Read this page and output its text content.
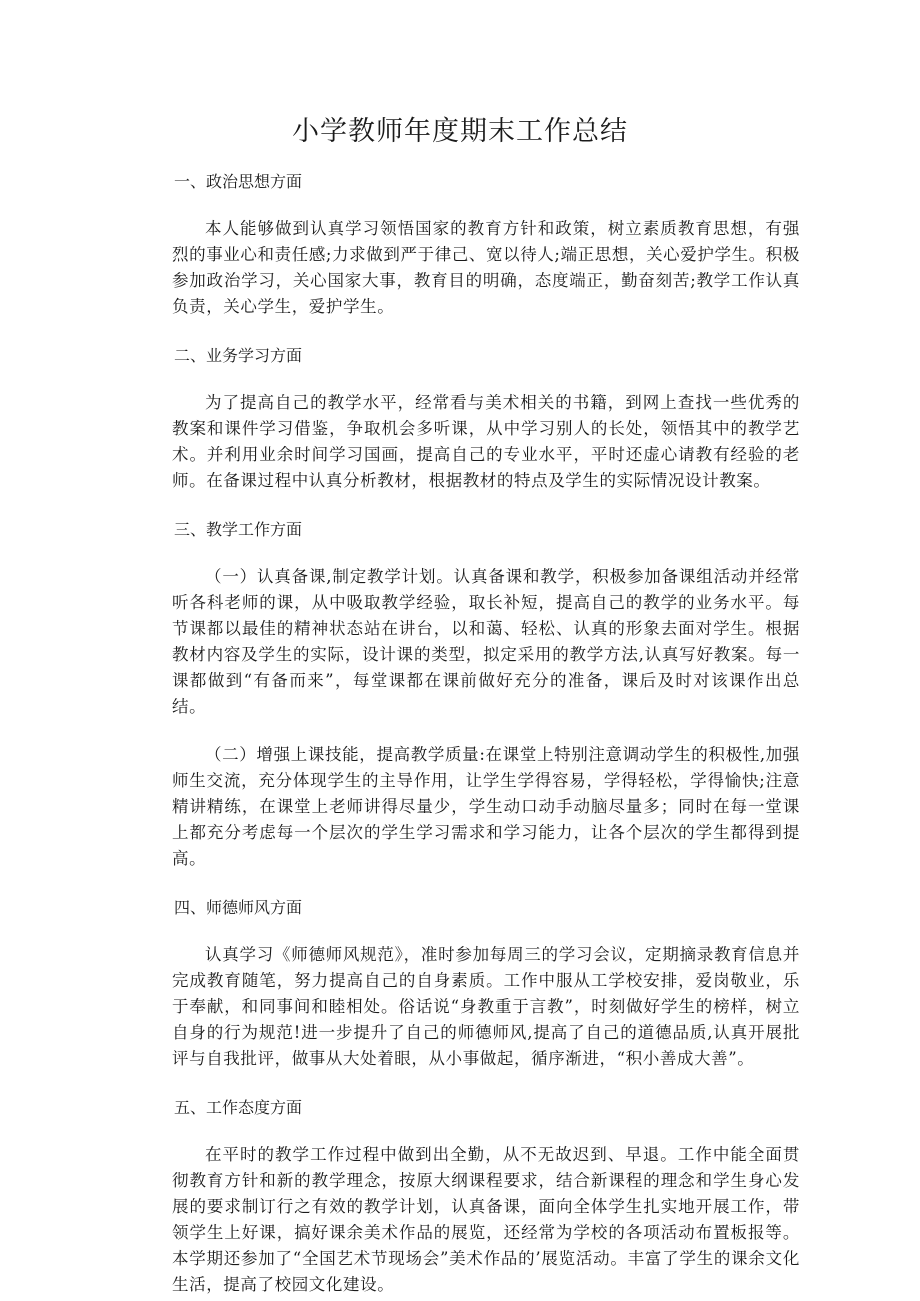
小学教师年度期末工作总结
一、政治思想方面

本人能够做到认真学习领悟国家的教育方针和政策，树立素质教育思想，有强烈的事业心和责任感;力求做到严于律己、宽以待人;端正思想，关心爱护学生。积极参加政治学习，关心国家大事，教育目的明确，态度端正，勤奋刻苦;教学工作认真负责，关心学生，爱护学生。

二、业务学习方面

为了提高自己的教学水平，经常看与美术相关的书籍，到网上查找一些优秀的教案和课件学习借鉴，争取机会多听课，从中学习别人的长处，领悟其中的教学艺术。并利用业余时间学习国画，提高自己的专业水平，平时还虚心请教有经验的老师。在备课过程中认真分析教材，根据教材的特点及学生的实际情况设计教案。

三、教学工作方面

（一）认真备课,制定教学计划。认真备课和教学，积极参加备课组活动并经常听各科老师的课，从中吸取教学经验，取长补短，提高自己的教学的业务水平。每节课都以最佳的精神状态站在讲台，以和蔼、轻松、认真的形象去面对学生。根据教材内容及学生的实际，设计课的类型，拟定采用的教学方法,认真写好教案。每一课都做到“有备而来”，每堂课都在课前做好充分的准备，课后及时对该课作出总结。

（二）增强上课技能，提高教学质量:在课堂上特别注意调动学生的积极性,加强师生交流，充分体现学生的主导作用，让学生学得容易，学得轻松，学得愉快;注意精讲精练，在课堂上老师讲得尽量少，学生动口动手动脑尽量多；同时在每一堂课上都充分考虑每一个层次的学生学习需求和学习能力，让各个层次的学生都得到提高。

四、师德师风方面

认真学习《师德师风规范》，准时参加每周三的学习会议，定期摘录教育信息并完成教育随笔，努力提高自己的自身素质。工作中服从工学校安排，爱岗敬业，乐于奉献，和同事间和睦相处。俗话说“身教重于言教”，时刻做好学生的榜样，树立自身的行为规范!进一步提升了自己的师德师风,提高了自己的道德品质,认真开展批评与自我批评，做事从大处着眼，从小事做起，循序渐进，“积小善成大善”。

五、工作态度方面

在平时的教学工作过程中做到出全勤，从不无故迟到、早退。工作中能全面贯彻教育方针和新的教学理念，按原大纲课程要求，结合新课程的理念和学生身心发展的要求制订行之有效的教学计划，认真备课，面向全体学生扎实地开展工作，带领学生上好课，搞好课余美术作品的展览，还经常为学校的各项活动布置板报等。本学期还参加了“全国艺术节现场会”美术作品的’展览活动。丰富了学生的课余文化生活，提高了校园文化建设。
